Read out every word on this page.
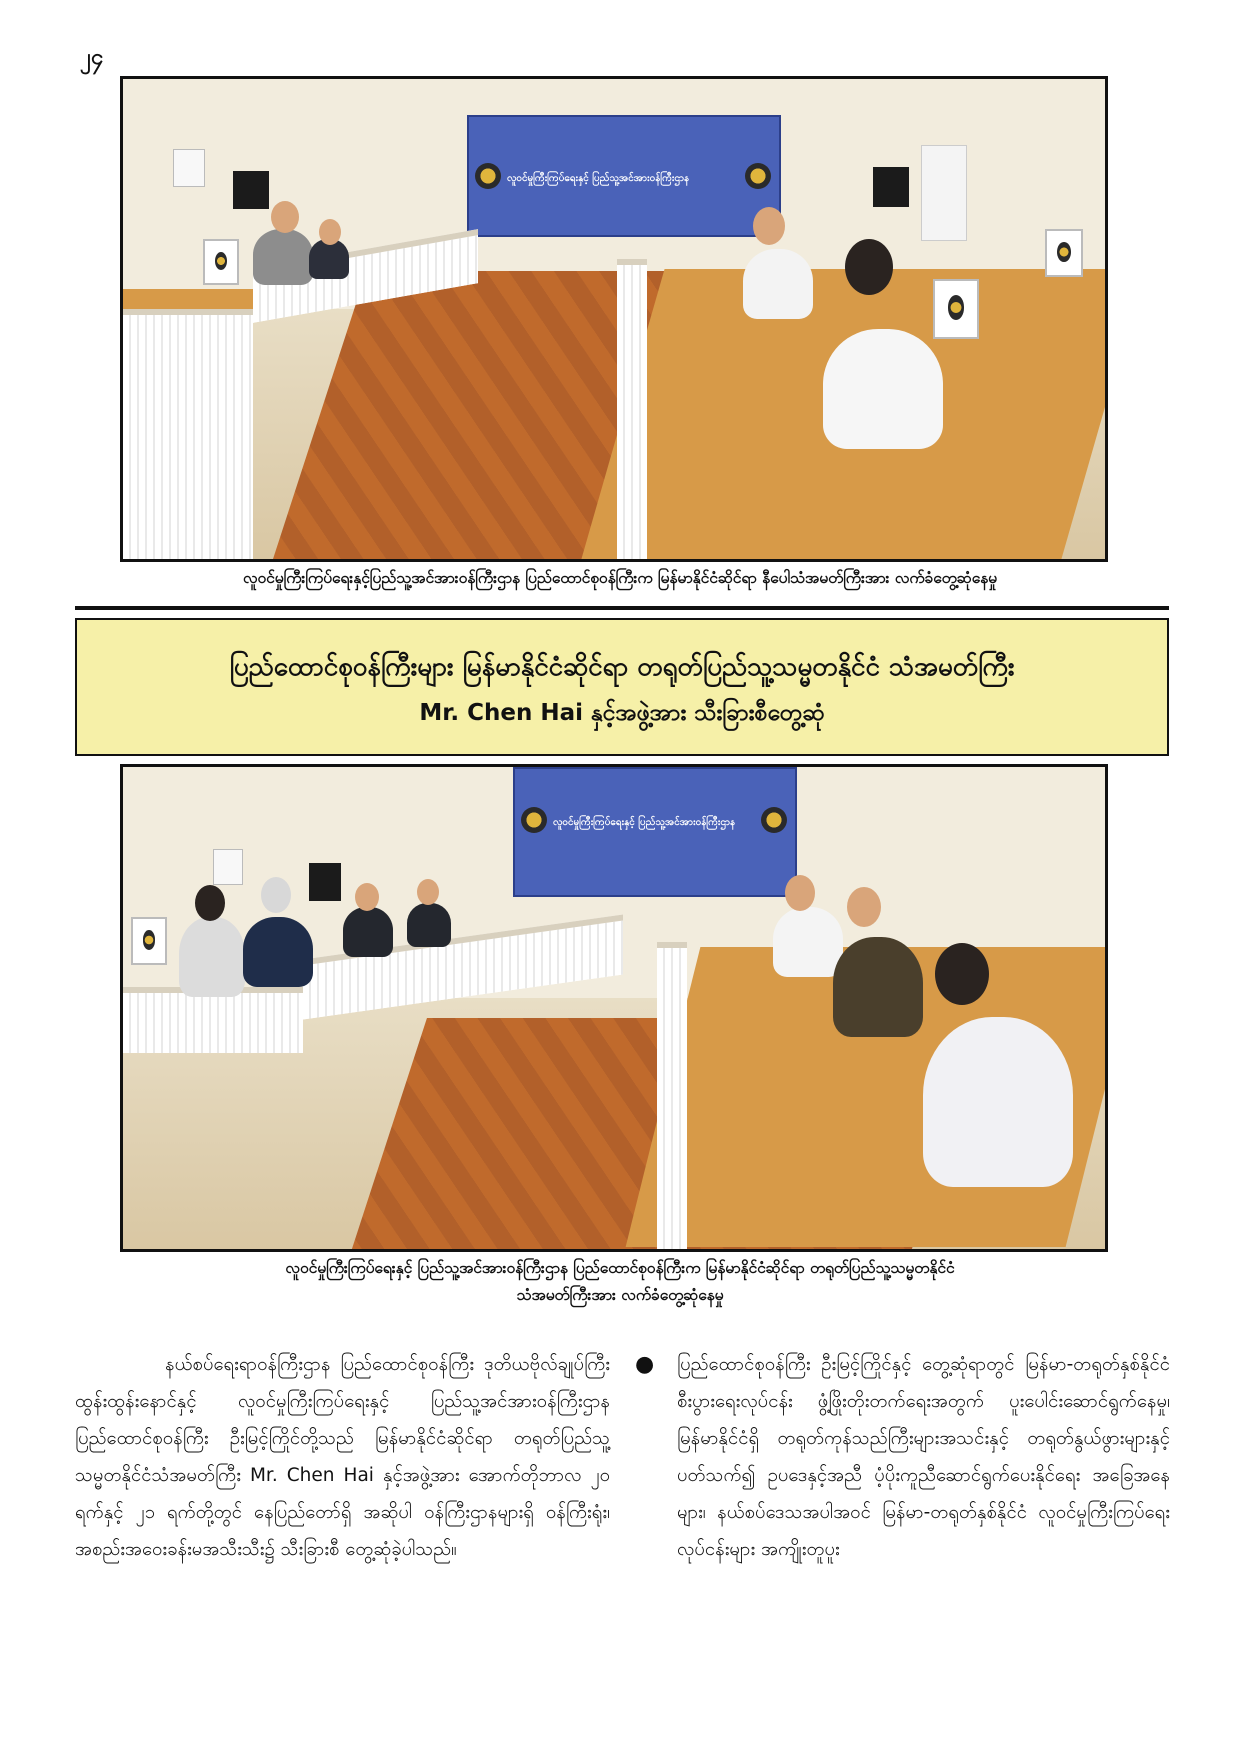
၂၄
လူဝင်မှုကြီးကြပ်ရေးနှင့် ပြည်သူ့အင်အားဝန်ကြီးဌာန
လူဝင်မှုကြီးကြပ်ရေးနှင့်ပြည်သူ့အင်အားဝန်ကြီးဌာန ပြည်ထောင်စုဝန်ကြီးက မြန်မာနိုင်ငံဆိုင်ရာ နီပေါသံအမတ်ကြီးအား လက်ခံတွေ့ဆုံနေမှု
ပြည်ထောင်စုဝန်ကြီးများ မြန်မာနိုင်ငံဆိုင်ရာ တရုတ်ပြည်သူ့သမ္မတနိုင်ငံ သံအမတ်ကြီး
Mr. Chen Hai နှင့်အဖွဲ့အား သီးခြားစီတွေ့ဆုံ
လူဝင်မှုကြီးကြပ်ရေးနှင့် ပြည်သူ့အင်အားဝန်ကြီးဌာန
လူဝင်မှုကြီးကြပ်ရေးနှင့် ပြည်သူ့အင်အားဝန်ကြီးဌာန ပြည်ထောင်စုဝန်ကြီးက မြန်မာနိုင်ငံဆိုင်ရာ တရုတ်ပြည်သူ့သမ္မတနိုင်ငံ
သံအမတ်ကြီးအား လက်ခံတွေ့ဆုံနေမှု

နယ်စပ်ရေးရာဝန်ကြီးဌာန ပြည်ထောင်စုဝန်ကြီး ဒုတိယဗိုလ်ချုပ်ကြီး ထွန်းထွန်းနောင်နှင့် လူဝင်မှုကြီးကြပ်ရေးနှင့် ပြည်သူ့အင်အားဝန်ကြီးဌာန ပြည်ထောင်စုဝန်ကြီး ဦးမြင့်ကြိုင်တို့သည် မြန်မာနိုင်ငံဆိုင်ရာ တရုတ်ပြည်သူ့သမ္မတနိုင်ငံသံအမတ်ကြီး Mr. Chen Hai နှင့်အဖွဲ့အား အောက်တိုဘာလ ၂၀ ရက်နှင့် ၂၁ ရက်တို့တွင် နေပြည်တော်ရှိ အဆိုပါ ဝန်ကြီးဌာနများရှိ ဝန်ကြီးရုံး၊ အစည်းအဝေးခန်းမအသီးသီး၌ သီးခြားစီ တွေ့ဆုံခဲ့ပါသည်။

● ပြည်ထောင်စုဝန်ကြီး ဦးမြင့်ကြိုင်နှင့် တွေ့ဆုံရာတွင် မြန်မာ-တရုတ်နှစ်နိုင်ငံ စီးပွားရေးလုပ်ငန်း ဖွံ့ဖြိုးတိုးတက်ရေးအတွက် ပူးပေါင်းဆောင်ရွက်နေမှု၊ မြန်မာနိုင်ငံရှိ တရုတ်ကုန်သည်ကြီးများအသင်းနှင့် တရုတ်နွယ်ဖွားများနှင့်ပတ်သက်၍ ဥပဒေနှင့်အညီ ပံ့ပိုးကူညီဆောင်ရွက်ပေးနိုင်ရေး အခြေအနေများ၊ နယ်စပ်ဒေသအပါအဝင် မြန်မာ-တရုတ်နှစ်နိုင်ငံ လူဝင်မှုကြီးကြပ်ရေးလုပ်ငန်းများ အကျိုးတူပူး
